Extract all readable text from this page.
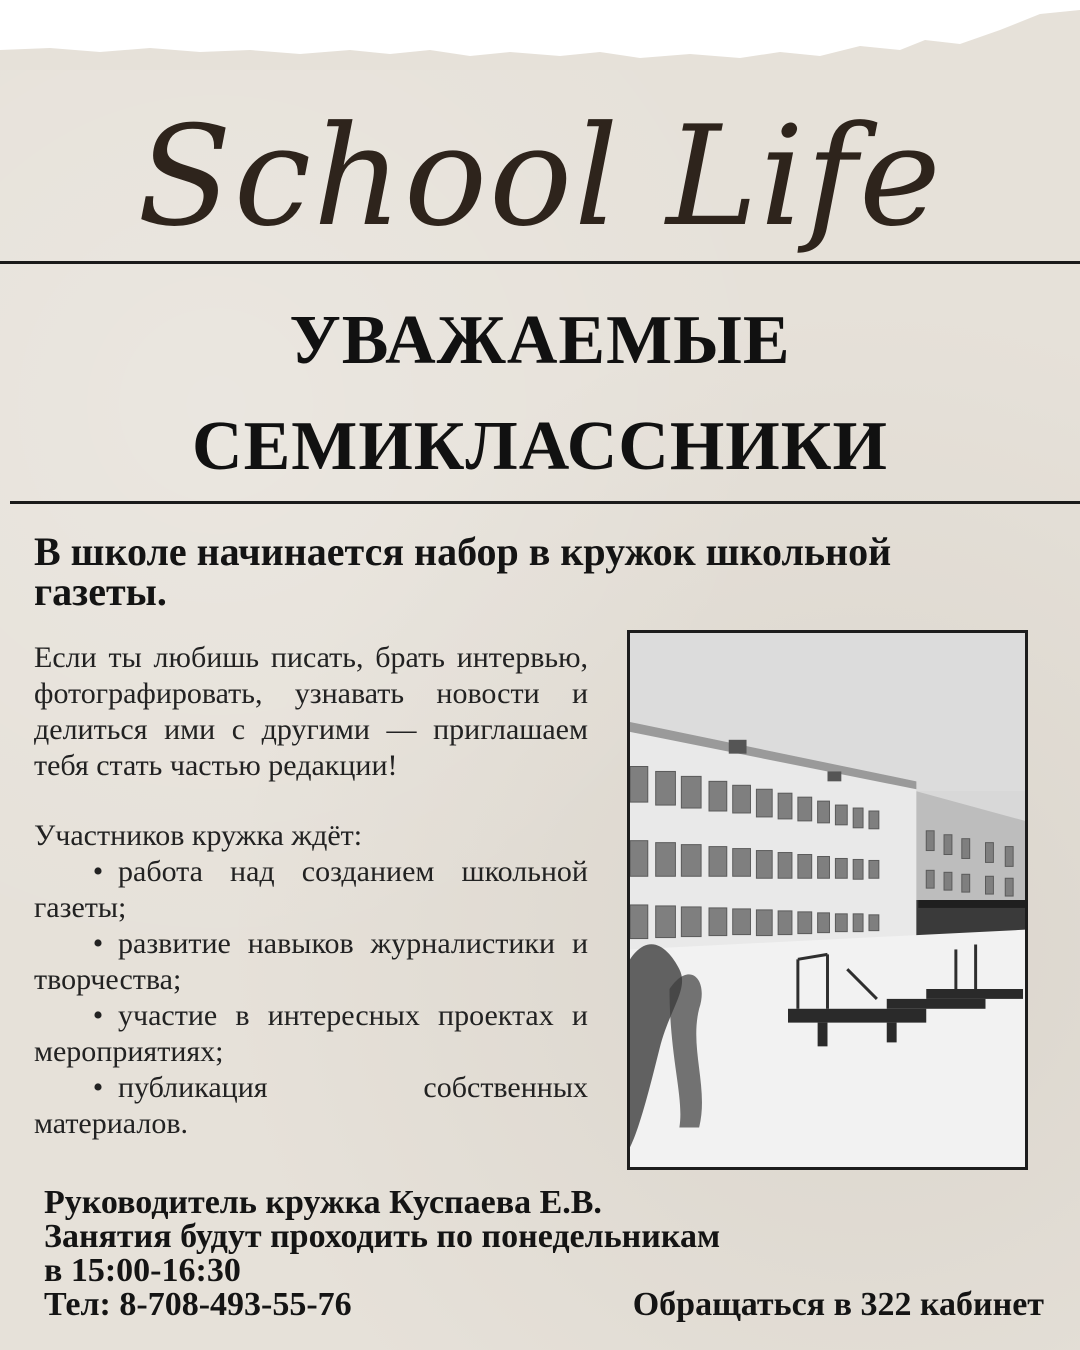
School Life
УВАЖАЕМЫЕ
СЕМИКЛАССНИКИ
В школе начинается набор в кружок школьной газеты.

Если ты любишь писать, брать интервью, фотографировать, узнавать новости и делиться ими с другими — приглашаем тебя стать частью редакции!

Участников кружка ждёт:

• работа над созданием школьной газеты;
• развитие навыков журналистики и творчества;
• участие в интересных проектах и мероприятиях;
• публикация собственных материалов.
Руководитель кружка Куспаева Е.В.
Занятия будут проходить по понедельникам
в 15:00-16:30
Тел: 8-708-493-55-76	Обращаться в 322 кабинет
